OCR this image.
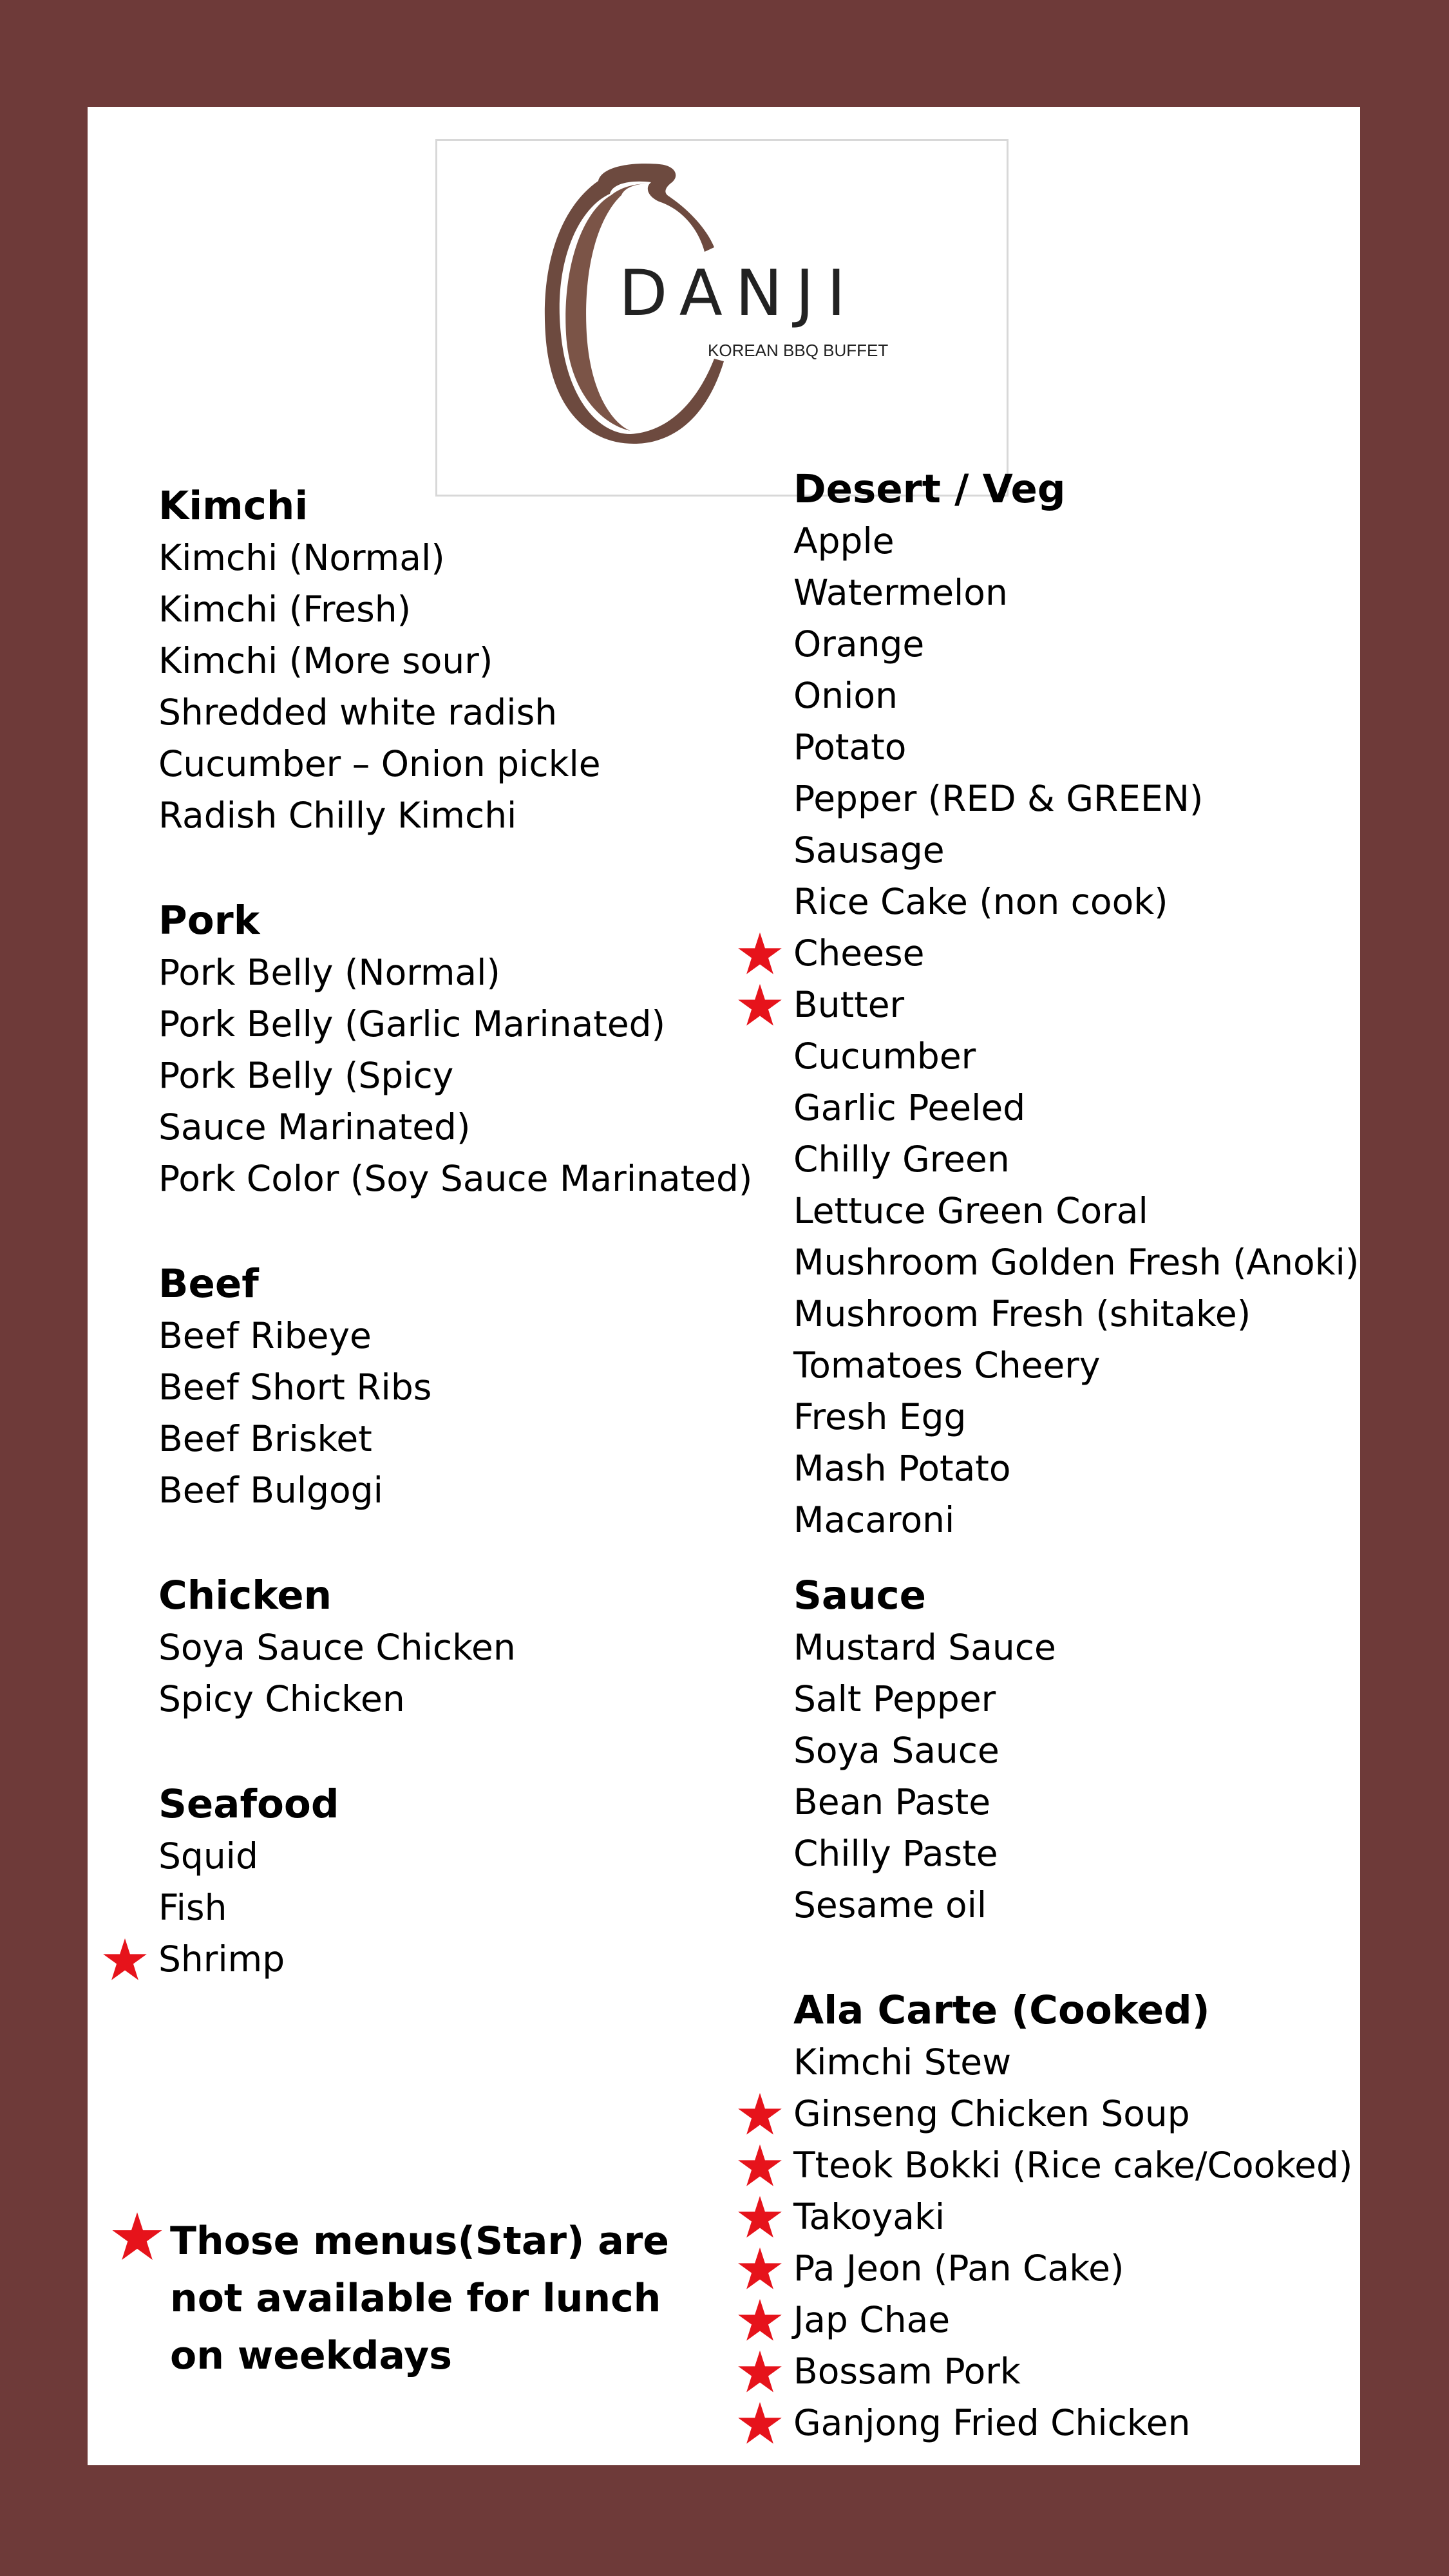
DANJI
KOREAN BBQ BUFFET
Kimchi
Kimchi (Normal)
Kimchi (Fresh)
Kimchi (More sour)
Shredded white radish
Cucumber – Onion pickle
Radish Chilly Kimchi
Pork
Pork Belly (Normal)
Pork Belly (Garlic Marinated)
Pork Belly (Spicy Sauce Marinated)
Pork Color (Soy Sauce Marinated)
Beef
Beef Ribeye
Beef Short Ribs
Beef Brisket
Beef Bulgogi
Chicken
Soya Sauce Chicken
Spicy Chicken
Seafood
Squid
Fish
Shrimp
Desert / Veg
Apple
Watermelon
Orange
Onion
Potato
Pepper (RED & GREEN)
Sausage
Rice Cake (non cook)
Cheese
Butter
Cucumber
Garlic Peeled
Chilly Green
Lettuce Green Coral
Mushroom Golden Fresh (Anoki)
Mushroom Fresh (shitake)
Tomatoes Cheery
Fresh Egg
Mash Potato
Macaroni
Sauce
Mustard Sauce
Salt Pepper
Soya Sauce
Bean Paste
Chilly Paste
Sesame oil
Ala Carte (Cooked)
Kimchi Stew
Ginseng Chicken Soup
Tteok Bokki (Rice cake/Cooked)
Takoyaki
Pa Jeon (Pan Cake)
Jap Chae
Bossam Pork
Ganjong Fried Chicken
Those menus(Star) are not available for lunch on weekdays
